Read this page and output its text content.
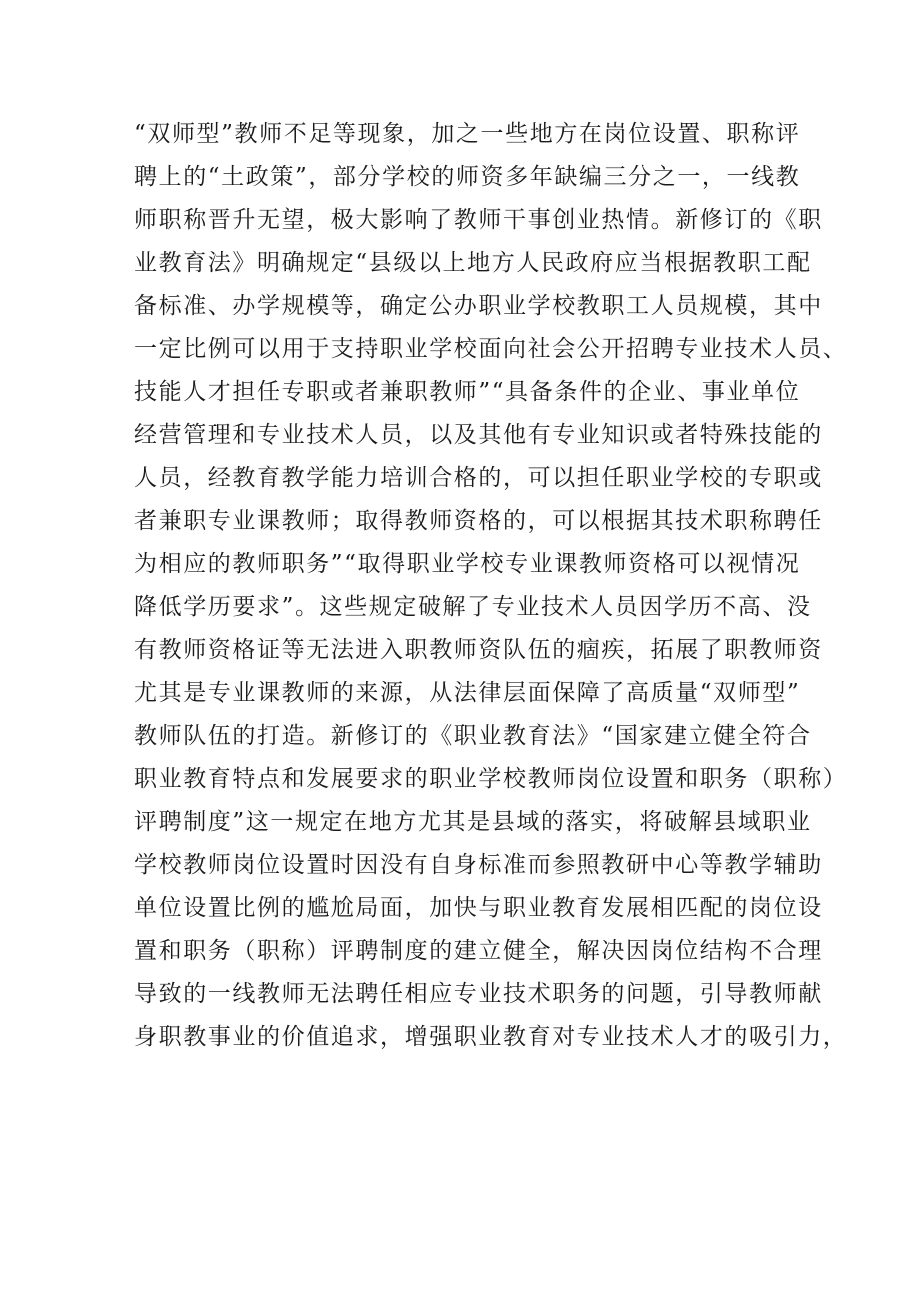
“双师型”教师不足等现象，加之一些地方在岗位设置、职称评
聘上的“土政策”，部分学校的师资多年缺编三分之一，一线教
师职称晋升无望，极大影响了教师干事创业热情。新修订的《职
业教育法》明确规定“县级以上地方人民政府应当根据教职工配
备标准、办学规模等，确定公办职业学校教职工人员规模，其中
一定比例可以用于支持职业学校面向社会公开招聘专业技术人员、
技能人才担任专职或者兼职教师”“具备条件的企业、事业单位
经营管理和专业技术人员，以及其他有专业知识或者特殊技能的
人员，经教育教学能力培训合格的，可以担任职业学校的专职或
者兼职专业课教师；取得教师资格的，可以根据其技术职称聘任
为相应的教师职务”“取得职业学校专业课教师资格可以视情况
降低学历要求”。这些规定破解了专业技术人员因学历不高、没
有教师资格证等无法进入职教师资队伍的痼疾，拓展了职教师资
尤其是专业课教师的来源，从法律层面保障了高质量“双师型”
教师队伍的打造。新修订的《职业教育法》“国家建立健全符合
职业教育特点和发展要求的职业学校教师岗位设置和职务（职称）
评聘制度”这一规定在地方尤其是县域的落实，将破解县域职业
学校教师岗位设置时因没有自身标准而参照教研中心等教学辅助
单位设置比例的尴尬局面，加快与职业教育发展相匹配的岗位设
置和职务（职称）评聘制度的建立健全，解决因岗位结构不合理
导致的一线教师无法聘任相应专业技术职务的问题，引导教师献
身职教事业的价值追求，增强职业教育对专业技术人才的吸引力，
